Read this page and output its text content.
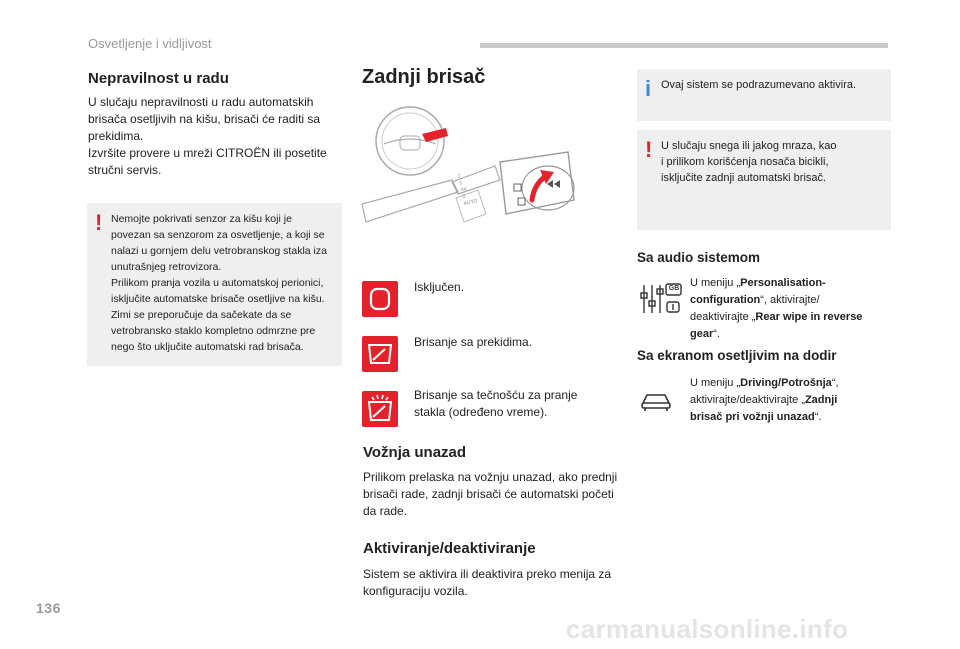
Osvetljenje i vidljivost
Nepravilnost u radu

U slučaju nepravilnosti u radu automatskih

brisača osetljivih na kišu, brisači će raditi sa

prekidima.

Izvršite provere u mreži CITROËN ili posetite

stručni servis.

! Nemojte pokrivati senzor za kišu koji je
povezan sa senzorom za osvetljenje, a koji se
nalazi u gornjem delu vetrobranskog stakla iza
unutrašnjeg retrovizora.
Prilikom pranja vozila u automatskoj perionici,
isključite automatske brisače osetljive na kišu.
Zimi se preporučuje da sačekate da se
vetrobransko staklo kompletno odmrzne pre
nego što uključite automatski rad brisača.
Zadnji brisač
2
1
Int
0
AUTO
Isključen.
Brisanje sa prekidima.
Brisanje sa tečnošću za pranje
stakla (određeno vreme).
Vožnja unazad

Prilikom prelaska na vožnju unazad, ako prednji

brisači rade, zadnji brisači će automatski početi

da rade.

Aktiviranje/deaktiviranje

Sistem se aktivira ili deaktivira preko menija za

konfiguraciju vozila.

i Ovaj sistem se podrazumevano aktivira.
! U slučaju snega ili jakog mraza, kao
i prilikom korišćenja nosača bicikli,
isključite zadnji automatski brisač.
Sa audio sistemom
GB U meniju „Personalisation-
configuration“, aktivirajte/
deaktivirajte „Rear wipe in reverse
gear“.
Sa ekranom osetljivim na dodir
U meniju „Driving/Potrošnja“,
aktivirajte/deaktivirajte „Zadnji
brisač pri vožnji unazad“.
136
carmanualsonline.info
